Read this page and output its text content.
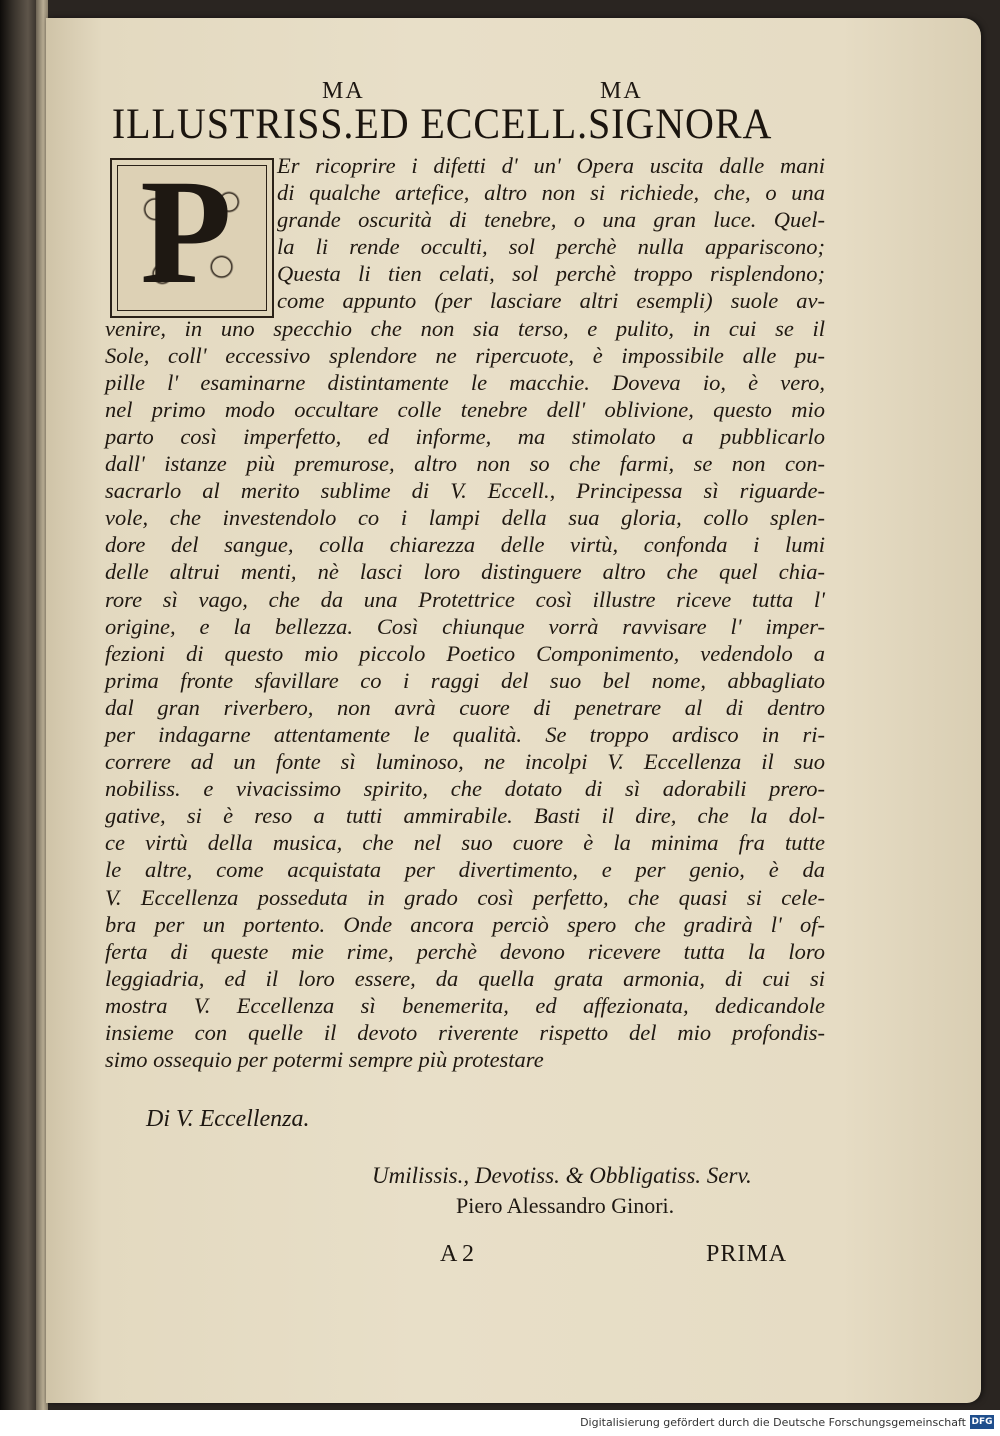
MA	MA
ILLUSTRISS.ED ECCELL.SIGNORA
P	Er ricoprire i difetti d' un' Opera uscita dalle mani
di qualche artefice, altro non si richiede, che, o una
grande oscurità di tenebre, o una gran luce. Quel-
la li rende occulti, sol perchè nulla appariscono;
Questa li tien celati, sol perchè troppo risplendono;
come appunto (per lasciare altri esempli) suole av-
venire, in uno specchio che non sia terso, e pulito, in cui se il
Sole, coll' eccessivo splendore ne ripercuote, è impossibile alle pu-
pille l' esaminarne distintamente le macchie. Doveva io, è vero,
nel primo modo occultare colle tenebre dell' oblivione, questo mio
parto così imperfetto, ed informe, ma stimolato a pubblicarlo
dall' istanze più premurose, altro non so che farmi, se non con-
sacrarlo al merito sublime di V. Eccell., Principessa sì riguarde-
vole, che investendolo co i lampi della sua gloria, collo splen-
dore del sangue, colla chiarezza delle virtù, confonda i lumi
delle altrui menti, nè lasci loro distinguere altro che quel chia-
rore sì vago, che da una Protettrice così illustre riceve tutta l'
origine, e la bellezza. Così chiunque vorrà ravvisare l' imper-
fezioni di questo mio piccolo Poetico Componimento, vedendolo a
prima fronte sfavillare co i raggi del suo bel nome, abbagliato
dal gran riverbero, non avrà cuore di penetrare al di dentro
per indagarne attentamente le qualità. Se troppo ardisco in ri-
correre ad un fonte sì luminoso, ne incolpi V. Eccellenza il suo
nobiliss. e vivacissimo spirito, che dotato di sì adorabili prero-
gative, si è reso a tutti ammirabile. Basti il dire, che la dol-
ce virtù della musica, che nel suo cuore è la minima fra tutte
le altre, come acquistata per divertimento, e per genio, è da
V. Eccellenza posseduta in grado così perfetto, che quasi si cele-
bra per un portento. Onde ancora perciò spero che gradirà l' of-
ferta di queste mie rime, perchè devono ricevere tutta la loro
leggiadria, ed il loro essere, da quella grata armonia, di cui si
mostra V. Eccellenza sì benemerita, ed affezionata, dedicandole
insieme con quelle il devoto riverente rispetto del mio profondis-
simo ossequio per potermi sempre più protestare
Di V. Eccellenza.
Umilissis., Devotiss. & Obbligatiss. Serv.
Piero Alessandro Ginori.
A 2	PRIMA
Digitalisierung gefördert durch die Deutsche Forschungsgemeinschaft DFG
